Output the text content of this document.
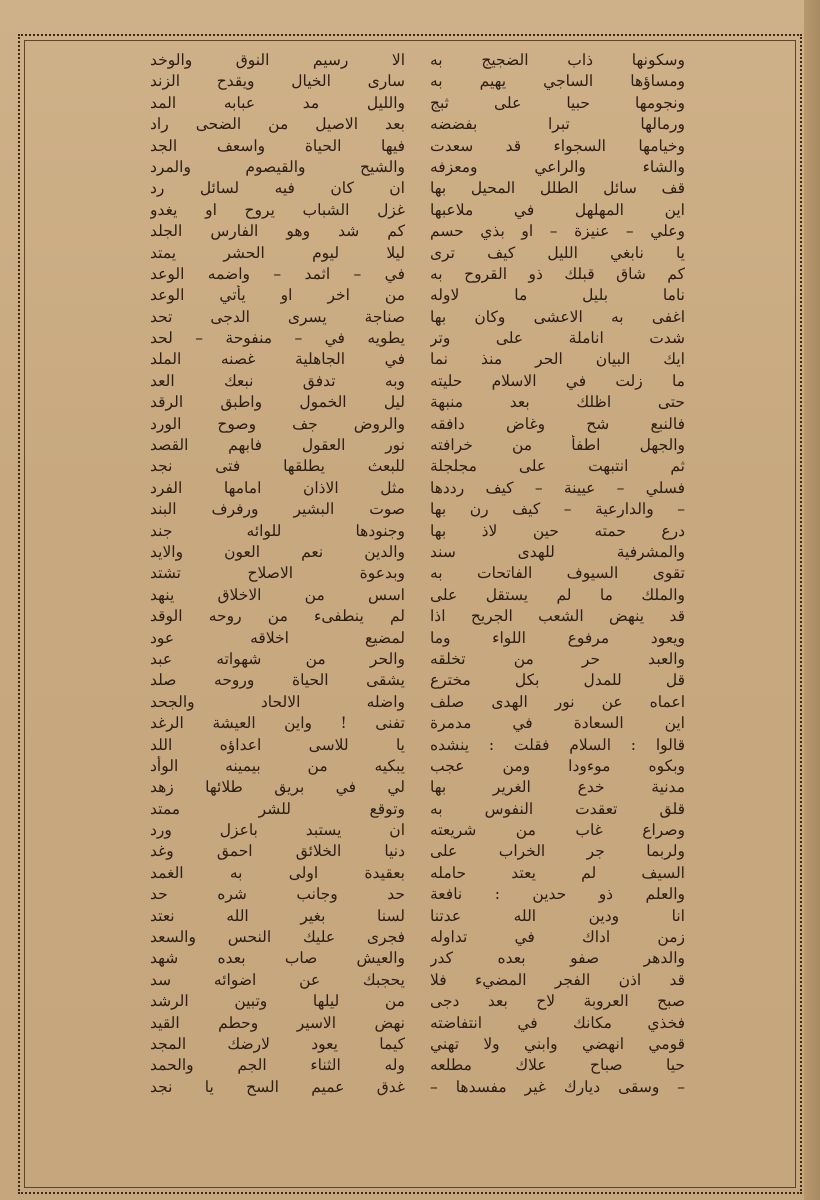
وسكونها ذاب الضجيج به
ومساؤها الساجي يهيم به
ونجومها حبيا على ثبج
ورمالها تبرا بفضضه
وخيامها السجواء قد سعدت
والشاء والراعي ومعزفه
قف سائل الطلل المحيل بها
اين المهلهل في ملاعبها
وعلي – عنيزة – او بذي حسم
يا نابغي الليل كيف ترى
كم شاق قبلك ذو القروح به
ناما بليل ما لاوله
اغفى به الاعشى وكان بها
شدت اناملة على وتر
ايك البيان الحر منذ نما
ما زلت في الاسلام حليته
حتى اظلك بعد منبهة
فالنبع شح وغاض دافقه
والجهل اطفأ من خرافته
ثم انتبهت على مجلجلة
فسلي – عيينة – كيف رددها
– والدارعية – كيف رن بها
درع حمته حين لاذ بها
والمشرفية للهدى سند
تقوى السيوف الفاتحات به
والملك ما لم يستقل على
قد ينهض الشعب الجريح اذا
ويعود مرفوع اللواء وما
والعبد حر من تخلقه
قل للمدل بكل مخترع
اعماه عن نور الهدى صلف
اين السعادة في مدمرة
قالوا : السلام فقلت : ينشده
وبكوه موءودا ومن عجب
مدنية خدع الغرير بها
قلق تعقدت النفوس به
وصراع غاب من شريعته
ولربما جر الخراب على
السيف لم يعتد حامله
والعلم ذو حدين : نافعة
انا ودين الله عدتنا
زمن اداك في تداوله
والدهر صفو بعده كدر
قد اذن الفجر المضيء فلا
صبح العروبة لاح بعد دجى
فخذي مكانك في انتفاضته
قومي انهضي وابني ولا تهني
حيا صباح علاك مطلعه
– وسقى ديارك غير مفسدها –
الا رسيم النوق والوخد
سارى الخيال ويقدح الزند
والليل مد عبابه المد
بعد الاصيل من الضحى راد
فيها الحياة واسعف الجد
والشيح والقيصوم والمرد
ان كان فيه لسائل رد
غزل الشباب يروح او يغدو
كم شد وهو الفارس الجلد
ليلا ليوم الحشر يمتد
في – اثمد – واضمه الوعد
من اخر او يأتي الوعد
صناجة يسرى الدجى تحد
يطويه في – منفوحة – لحد
في الجاهلية غصنه الملد
وبه تدفق نبعك العد
ليل الخمول واطبق الرقد
والروض جف وصوح الورد
نور العقول فابهم القصد
للبعث يطلقها فتى نجد
مثل الاذان امامها الفرد
صوت البشير ورفرف البند
وجنودها للوائه جند
والدين نعم العون والايد
وبدعوة الاصلاح تشتد
اسس من الاخلاق ينهد
لم ينطفىء من روحه الوقد
لمضيع اخلاقه عود
والحر من شهواته عبد
يشقى الحياة وروحه صلد
واضله الالحاد والجحد
تفنى ! واين العيشة الرغد
يا للاسى اعداؤه اللد
يبكيه من بيمينه الوأد
لي في بريق طلائها زهد
وتوقع للشر ممتد
ان يستبد باعزل ورد
دنيا الخلائق احمق وغد
بعقيدة اولى به الغمد
حد وجانب شره حد
لسنا بغير الله نعتد
فجرى عليك النحس والسعد
والعيش صاب بعده شهد
يحجبك عن اضوائه سد
من ليلها وتبين الرشد
نهض الاسير وحطم القيد
كيما يعود لارضك المجد
وله الثناء الجم والحمد
غدق عميم السح يا نجد
